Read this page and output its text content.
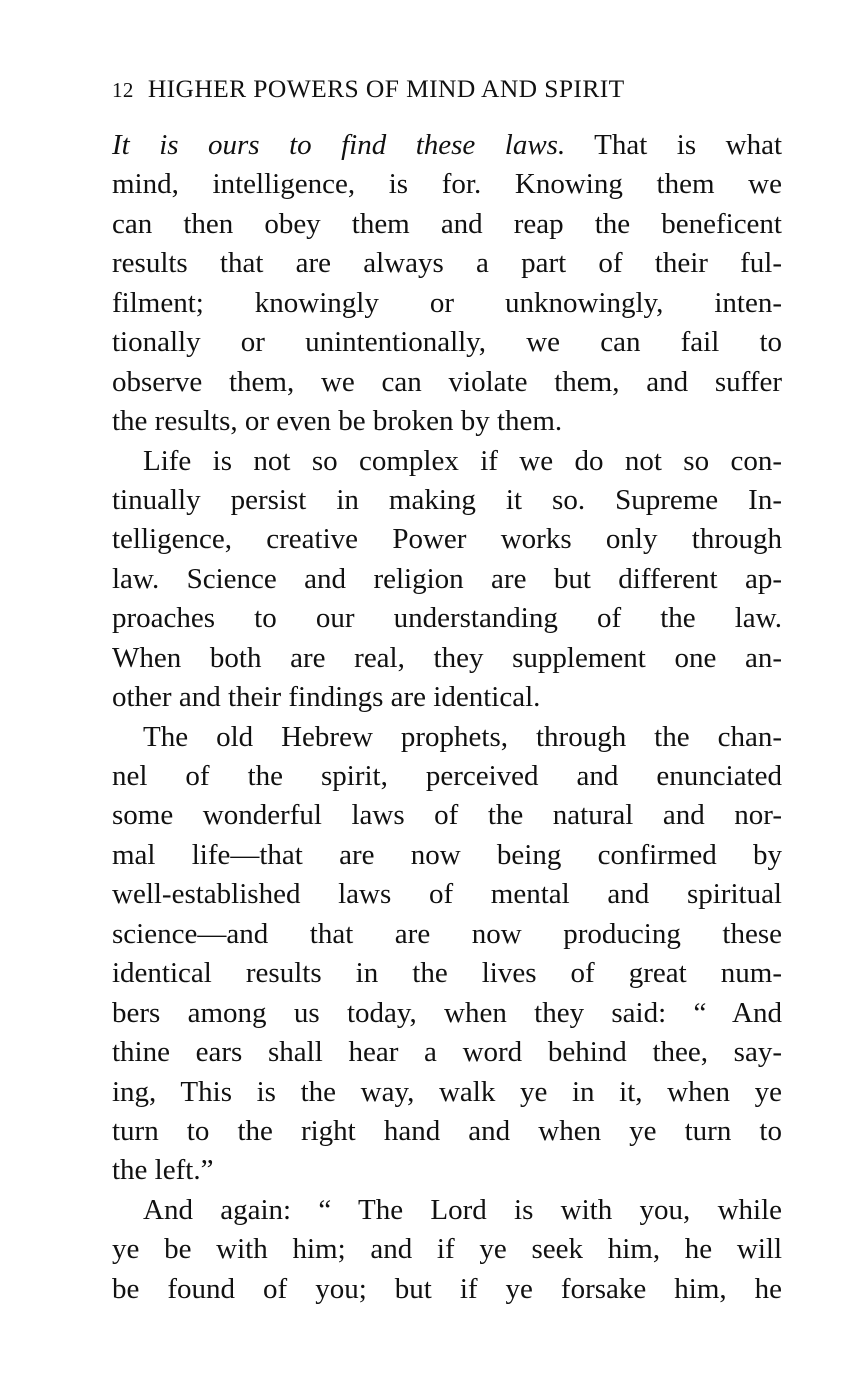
12 HIGHER POWERS OF MIND AND SPIRIT
It is ours to find these laws. That is what
mind, intelligence, is for. Knowing them we
can then obey them and reap the beneficent
results that are always a part of their ful-
filment; knowingly or unknowingly, inten-
tionally or unintentionally, we can fail to
observe them, we can violate them, and suffer
the results, or even be broken by them.
Life is not so complex if we do not so con-
tinually persist in making it so. Supreme In-
telligence, creative Power works only through
law. Science and religion are but different ap-
proaches to our understanding of the law.
When both are real, they supplement one an-
other and their findings are identical.
The old Hebrew prophets, through the chan-
nel of the spirit, perceived and enunciated
some wonderful laws of the natural and nor-
mal life—that are now being confirmed by
well-established laws of mental and spiritual
science—and that are now producing these
identical results in the lives of great num-
bers among us today, when they said: “ And
thine ears shall hear a word behind thee, say-
ing, This is the way, walk ye in it, when ye
turn to the right hand and when ye turn to
the left.”
And again: “ The Lord is with you, while
ye be with him; and if ye seek him, he will
be found of you; but if ye forsake him, he
